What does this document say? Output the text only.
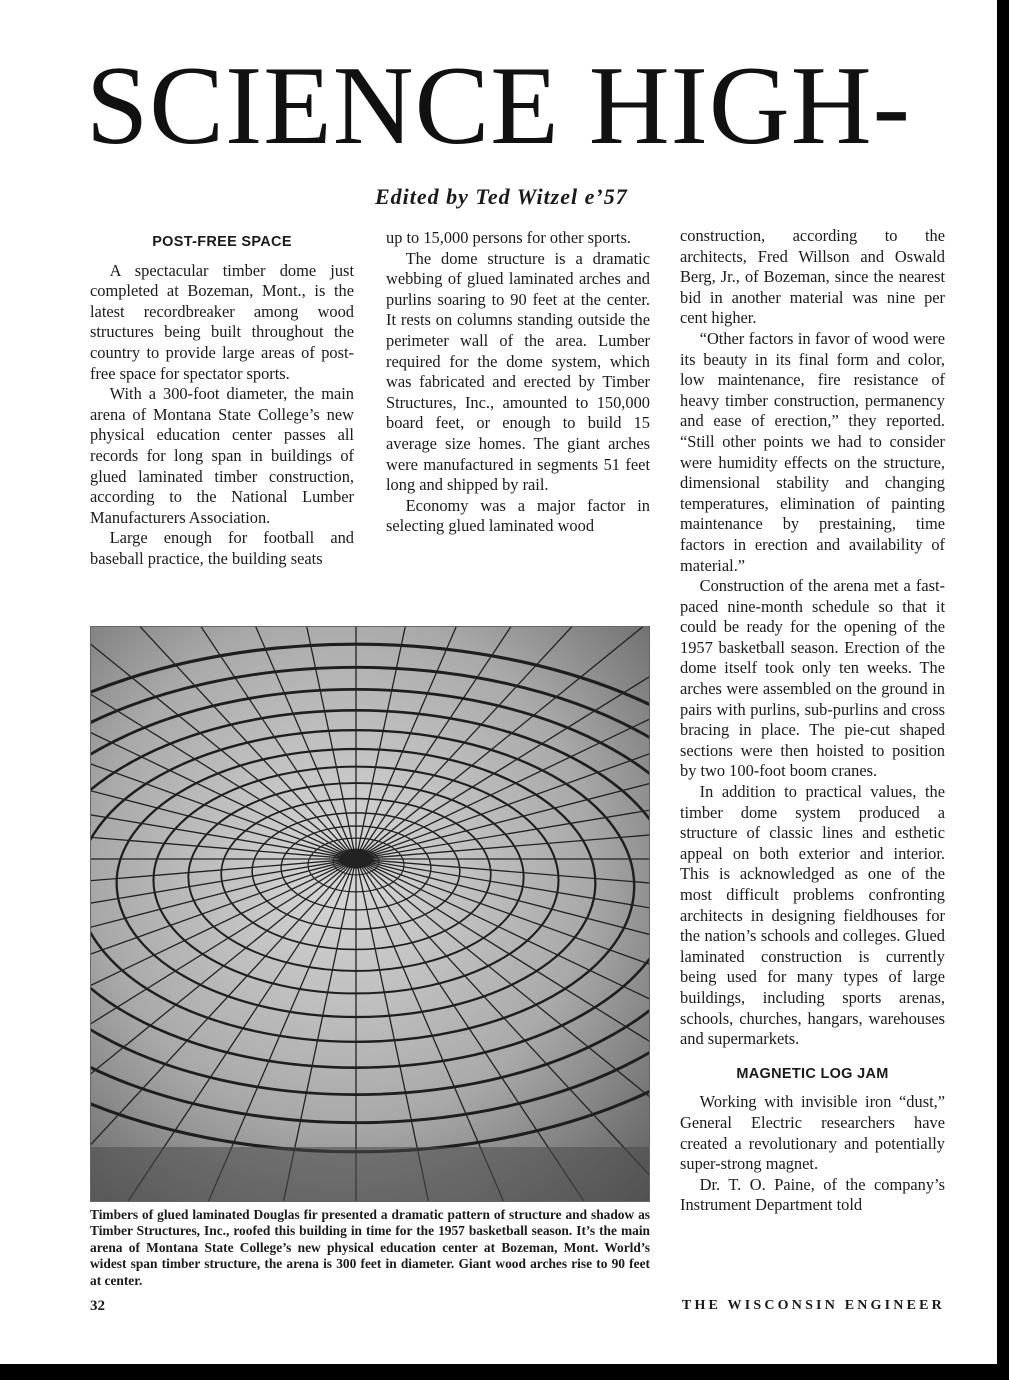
SCIENCE HIGH-
Edited by Ted Witzel e’57
POST-FREE SPACE

A spectacular timber dome just completed at Bozeman, Mont., is the latest recordbreaker among wood structures being built throughout the country to provide large areas of post-free space for spectator sports.

With a 300-foot diameter, the main arena of Montana State College’s new physical education center passes all records for long span in buildings of glued laminated timber construction, according to the National Lumber Manufacturers Association.

Large enough for football and baseball practice, the building seats

up to 15,000 persons for other sports.

The dome structure is a dramatic webbing of glued laminated arches and purlins soaring to 90 feet at the center. It rests on columns standing outside the perimeter wall of the area. Lumber required for the dome system, which was fabricated and erected by Timber Structures, Inc., amounted to 150,000 board feet, or enough to build 15 average size homes. The giant arches were manufactured in segments 51 feet long and shipped by rail.

Economy was a major factor in selecting glued laminated wood

construction, according to the architects, Fred Willson and Oswald Berg, Jr., of Bozeman, since the nearest bid in another material was nine per cent higher.

“Other factors in favor of wood were its beauty in its final form and color, low maintenance, fire resistance of heavy timber construction, permanency and ease of erection,” they reported. “Still other points we had to consider were humidity effects on the structure, dimensional stability and changing temperatures, elimination of painting maintenance by prestaining, time factors in erection and availability of material.”

Construction of the arena met a fast-paced nine-month schedule so that it could be ready for the opening of the 1957 basketball season. Erection of the dome itself took only ten weeks. The arches were assembled on the ground in pairs with purlins, sub-purlins and cross bracing in place. The pie-cut shaped sections were then hoisted to position by two 100-foot boom cranes.

In addition to practical values, the timber dome system produced a structure of classic lines and esthetic appeal on both exterior and interior. This is acknowledged as one of the most difficult problems confronting architects in designing fieldhouses for the nation’s schools and colleges. Glued laminated construction is currently being used for many types of large buildings, including sports arenas, schools, churches, hangars, warehouses and supermarkets.

MAGNETIC LOG JAM

Working with invisible iron “dust,” General Electric researchers have created a revolutionary and potentially super-strong magnet.

Dr. T. O. Paine, of the company’s Instrument Department told

Timbers of glued laminated Douglas fir presented a dramatic pattern of structure and shadow as Timber Structures, Inc., roofed this building in time for the 1957 basketball season. It’s the main arena of Montana State College’s new physical education center at Bozeman, Mont. World’s widest span timber structure, the arena is 300 feet in diameter. Giant wood arches rise to 90 feet at center.
32	THE WISCONSIN ENGINEER
